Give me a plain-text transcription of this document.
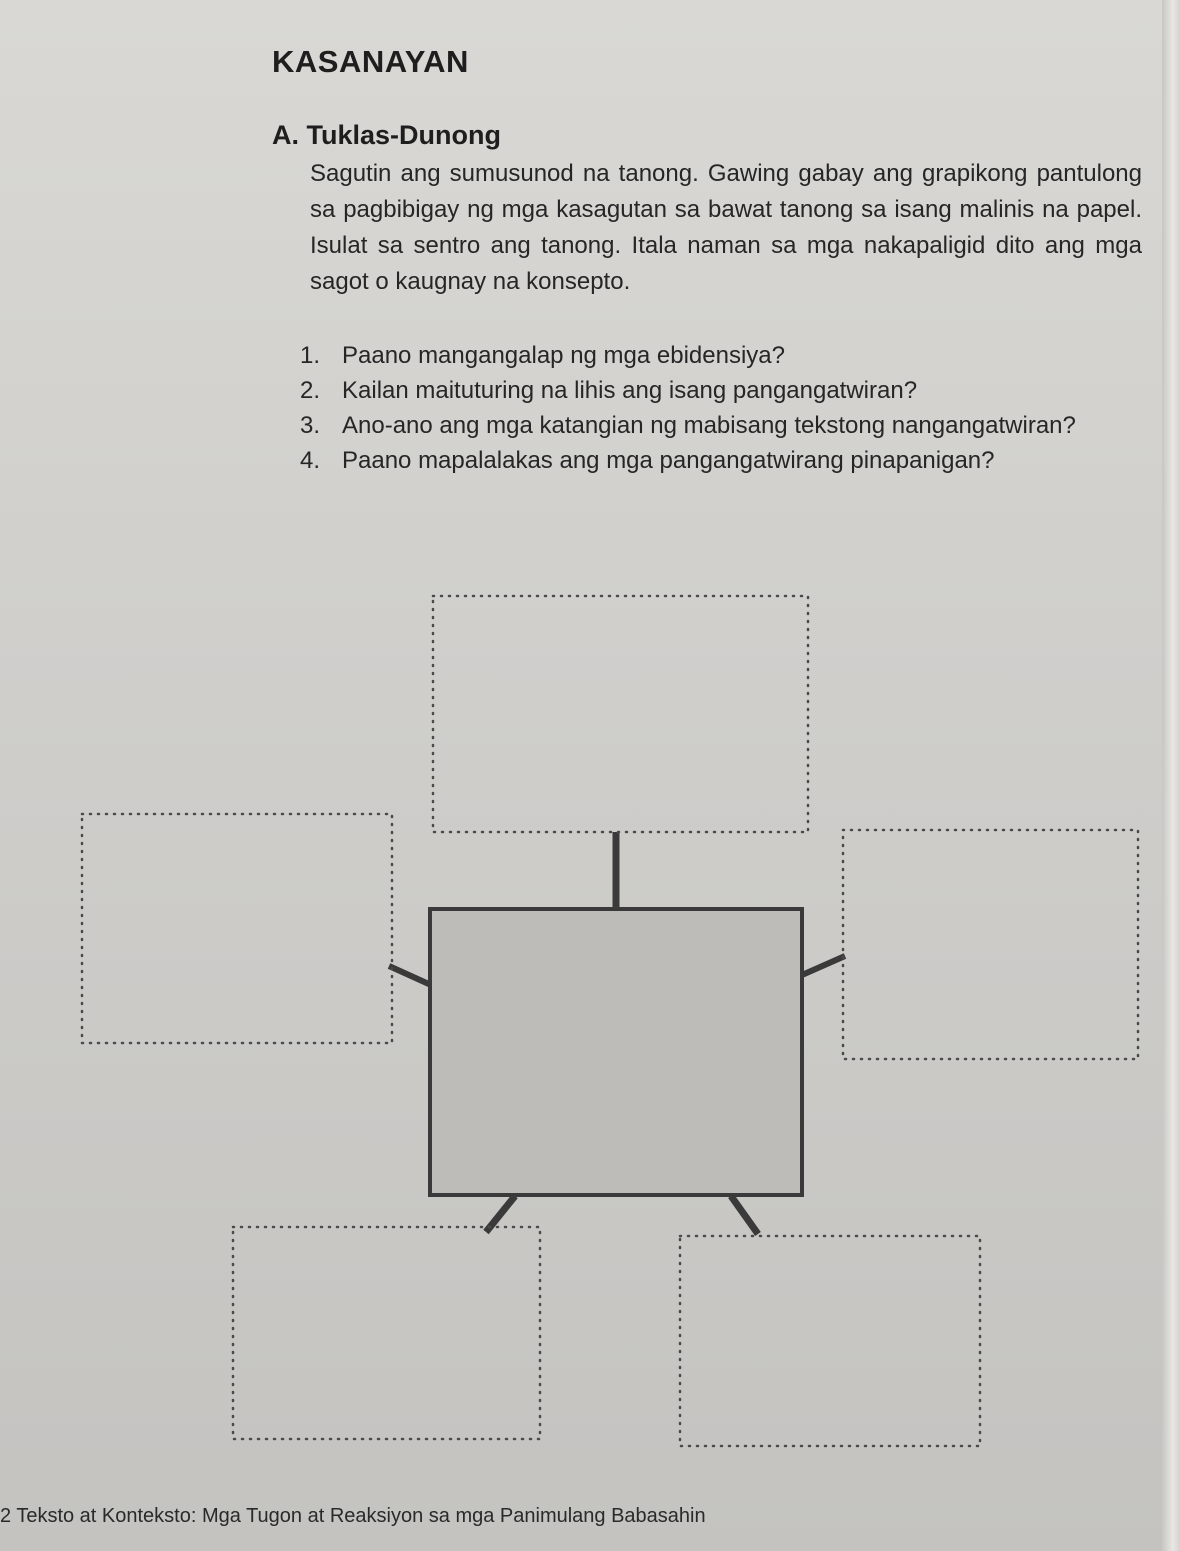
KASANAYAN
A. Tuklas-Dunong

Sagutin ang sumusunod na tanong. Gawing gabay ang grapikong pantulong sa pagbibigay ng mga kasagutan sa bawat tanong sa isang malinis na papel. Isulat sa sentro ang tanong. Itala naman sa mga nakapaligid dito ang mga sagot o kaugnay na konsepto.

1. Paano mangangalap ng mga ebidensiya?
2. Kailan maituturing na lihis ang isang pangangatwiran?
3. Ano-ano ang mga katangian ng mabisang tekstong nangangatwiran?
4. Paano mapalalakas ang mga pangangatwirang pinapanigan?

2 Teksto at Konteksto: Mga Tugon at Reaksiyon sa mga Panimulang Babasahin
